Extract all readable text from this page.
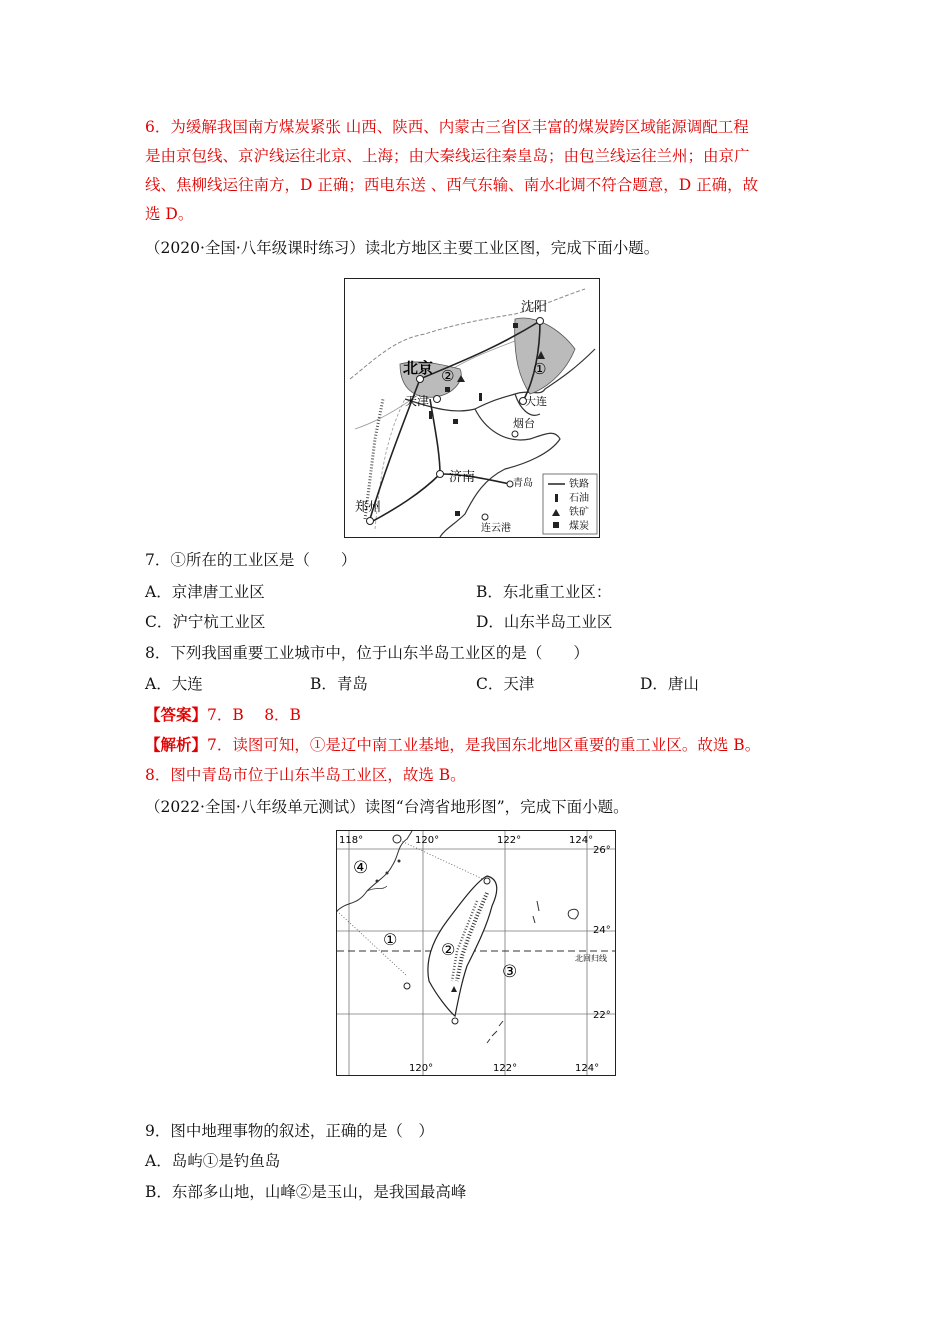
6．为缓解我国南方煤炭紧张 山西、陕西、内蒙古三省区丰富的煤炭跨区域能源调配工程
是由京包线、京沪线运往北京、上海；由大秦线运往秦皇岛；由包兰线运往兰州；由京广
线、焦柳线运往南方，D 正确；西电东送 、西气东输、南水北调不符合题意，D 正确，故
选 D。
（2020·全国·八年级课时练习）读北方地区主要工业区图，完成下面小题。
沈阳
北京
天津	大连
烟台
济南	青岛
郑州
连云港
①
②
铁路
石油
铁矿
煤炭
7．①所在的工业区是（　　）
A．京津唐工业区	B．东北重工业区：
C．沪宁杭工业区	D．山东半岛工业区
8．下列我国重要工业城市中，位于山东半岛工业区的是（　　）
A．大连	B．青岛	C．天津	D．唐山
【答案】7．B　 8．B
【解析】7．读图可知，①是辽中南工业基地，是我国东北地区重要的重工业区。故选 B。
8．图中青岛市位于山东半岛工业区，故选 B。
（2022·全国·八年级单元测试）读图“台湾省地形图”，完成下面小题。
118°	120°	122°	124°
120°	122°	124°
26°
24°
22°
北回归线
④
①
②
③
9．图中地理事物的叙述，正确的是（　）
A．岛屿①是钓鱼岛
B．东部多山地，山峰②是玉山，是我国最高峰
